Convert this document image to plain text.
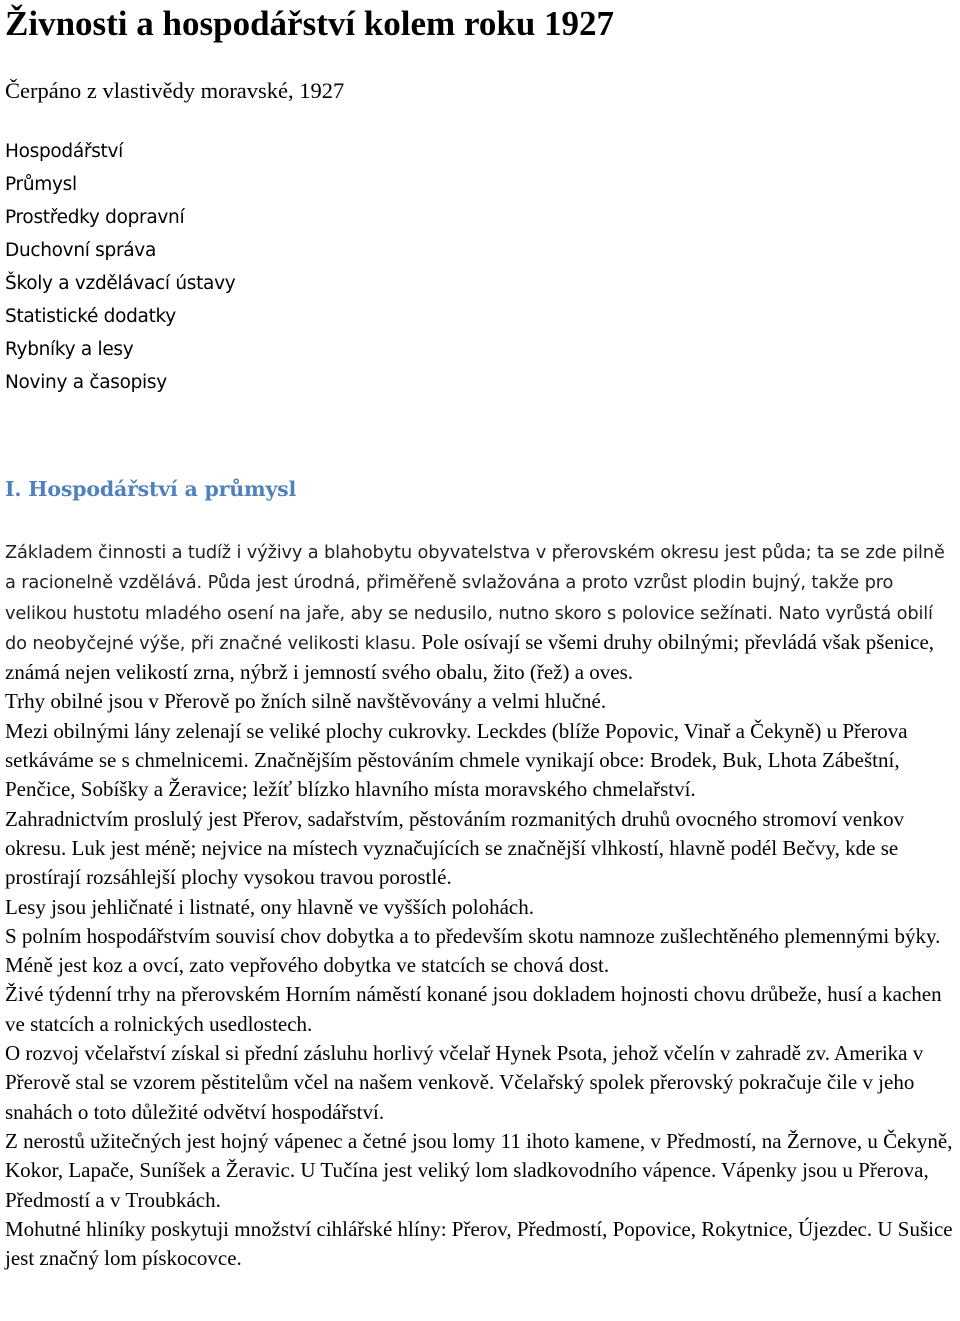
Živnosti a hospodářství kolem roku 1927
Čerpáno z vlastivědy moravské, 1927
Hospodářství
Průmysl
Prostředky dopravní
Duchovní správa
Školy a vzdělávací ústavy
Statistické dodatky
Rybníky a lesy
Noviny a časopisy
I. Hospodářství a průmysl

Základem činnosti a tudíž i výživy a blahobytu obyvatelstva v přerovském okresu jest půda; ta se zde pilně a racionelně vzdělává. Půda jest úrodná, přiměřeně svlažována a proto vzrůst plodin bujný, takže pro velikou hustotu mladého osení na jaře, aby se nedusilo, nutno skoro s polovice sežínati. Nato vyrůstá obilí do neobyčejné výše, při značné velikosti klasu. Pole osívají se všemi druhy obilnými; převládá však pšenice, známá nejen velikostí zrna, nýbrž i jemností svého obalu, žito (řež) a oves.

Trhy obilné jsou v Přerově po žních silně navštěvovány a velmi hlučné.

Mezi obilnými lány zelenají se veliké plochy cukrovky. Leckdes (blíže Popovic, Vinař a Čekyně) u Přerova setkáváme se s chmelnicemi. Značnějším pěstováním chmele vynikají obce: Brodek, Buk, Lhota Zábeštní, Penčice, Sobíšky a Žeravice; ležíť blízko hlavního místa moravského chmelařství.

Zahradnictvím proslulý jest Přerov, sadařstvím, pěstováním rozmanitých druhů ovocného stromoví venkov okresu. Luk jest méně; nejvice na místech vyznačujících se značnější vlhkostí, hlavně podél Bečvy, kde se prostírají rozsáhlejší plochy vysokou travou porostlé.

Lesy jsou jehličnaté i listnaté, ony hlavně ve vyšších polohách.

S polním hospodářstvím souvisí chov dobytka a to především skotu namnoze zušlechtěného plemennými býky. Méně jest koz a ovcí, zato vepřového dobytka ve statcích se chová dost.

Živé týdenní trhy na přerovském Horním náměstí konané jsou dokladem hojnosti chovu drůbeže, husí a kachen ve statcích a rolnických usedlostech.

O rozvoj včelařství získal si přední zásluhu horlivý včelař Hynek Psota, jehož včelín v zahradě zv. Amerika v Přerově stal se vzorem pěstitelům včel na našem venkově. Včelařský spolek přerovský pokračuje čile v jeho snahách o toto důležité odvětví hospodářství.

Z nerostů užitečných jest hojný vápenec a četné jsou lomy 11 ihoto kamene, v Předmostí, na Žernove, u Čekyně, Kokor, Lapače, Suníšek a Žeravic. U Tučína jest veliký lom sladkovodního vápence. Vápenky jsou u Přerova, Předmostí a v Troubkách.

Mohutné hliníky poskytuji množství cihlářské hlíny: Přerov, Předmostí, Popovice, Rokytnice, Újezdec. U Sušice jest značný lom pískocovce.
